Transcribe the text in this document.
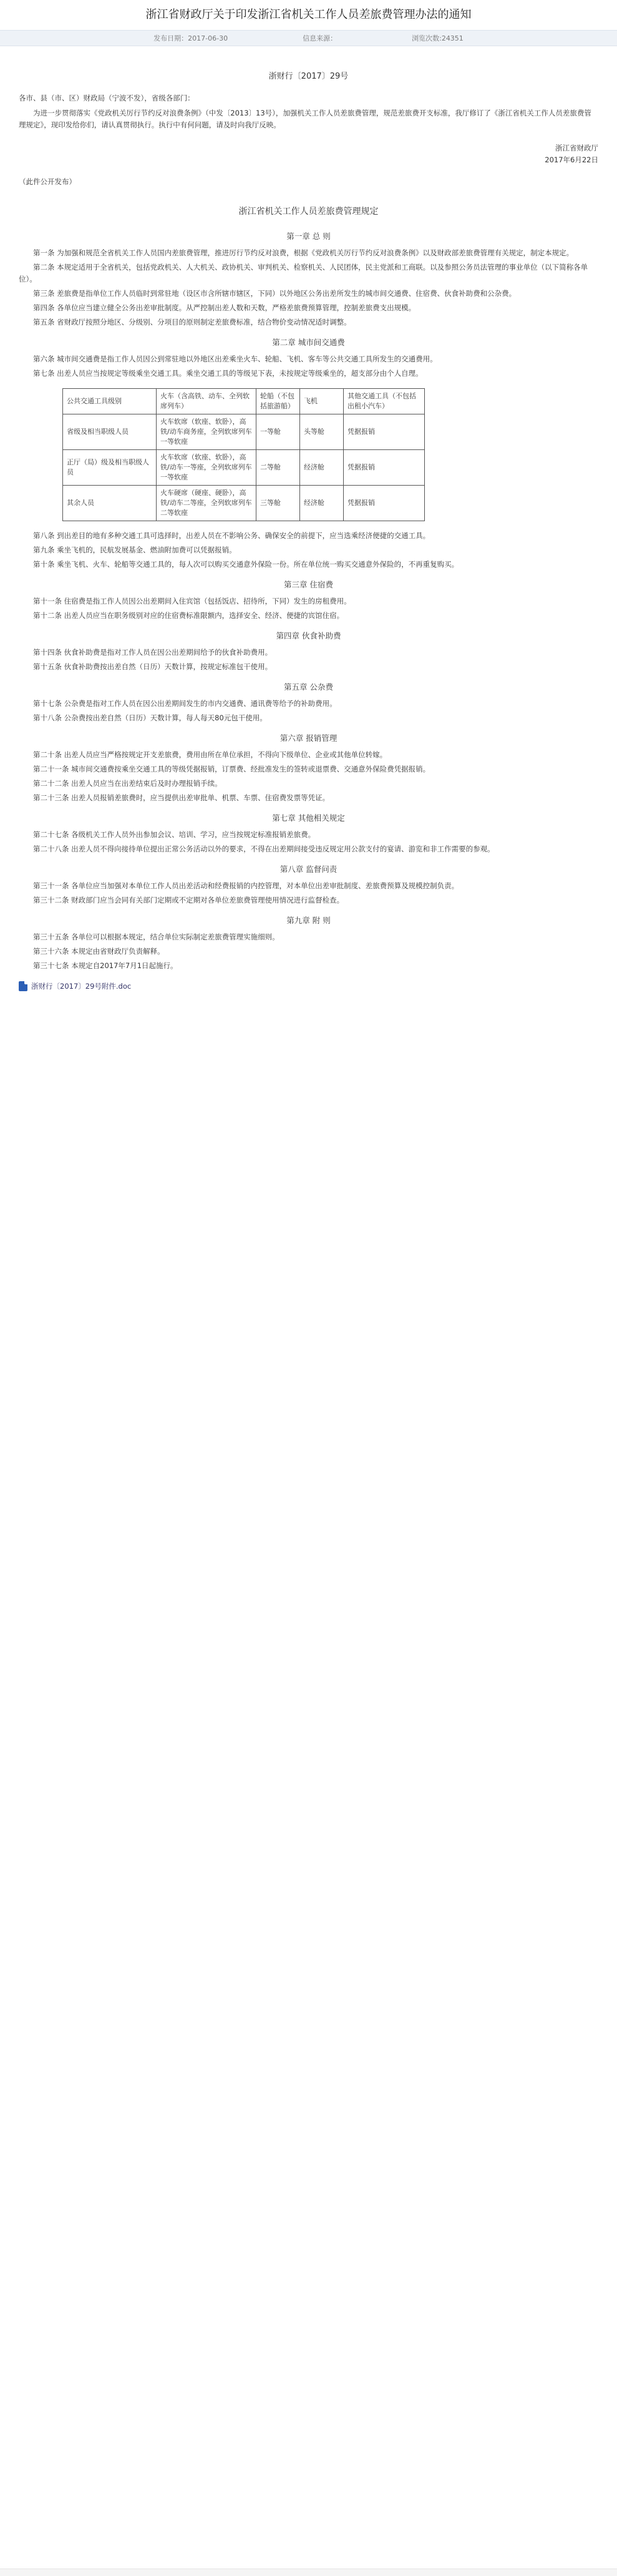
浙江省财政厅关于印发浙江省机关工作人员差旅费管理办法的通知
发布日期：2017-06-30	信息来源：	浏览次数:24351
浙财行〔2017〕29号
各市、县（市、区）财政局（宁波不发），省级各部门：

为进一步贯彻落实《党政机关厉行节约反对浪费条例》（中发〔2013〕13号），加强机关工作人员差旅费管理，规范差旅费开支标准，我厅修订了《浙江省机关工作人员差旅费管理规定》，现印发给你们，请认真贯彻执行。执行中有何问题，请及时向我厅反映。

浙江省财政厅
2017年6月22日
（此件公开发布）
浙江省机关工作人员差旅费管理规定
第一章 总 则

第一条 为加强和规范全省机关工作人员国内差旅费管理，推进厉行节约反对浪费，根据《党政机关厉行节约反对浪费条例》以及财政部差旅费管理有关规定，制定本规定。

第二条 本规定适用于全省机关，包括党政机关、人大机关、政协机关、审判机关、检察机关、人民团体，民主党派和工商联。以及参照公务员法管理的事业单位（以下简称各单位）。

第三条 差旅费是指单位工作人员临时到常驻地（设区市含所辖市辖区，下同）以外地区公务出差所发生的城市间交通费、住宿费、伙食补助费和公杂费。

第四条 各单位应当建立健全公务出差审批制度。从严控制出差人数和天数，严格差旅费预算管理，控制差旅费支出规模。

第五条 省财政厅按照分地区、分级别、分项目的原则制定差旅费标准，结合物价变动情况适时调整。

第二章 城市间交通费

第六条 城市间交通费是指工作人员因公到常驻地以外地区出差乘坐火车、轮船、飞机、客车等公共交通工具所发生的交通费用。

第七条 出差人员应当按规定等级乘坐交通工具。乘坐交通工具的等级见下表，未按规定等级乘坐的，超支部分由个人自理。

公共交通工具级别	火车（含高铁、动车、全列软席列车）	轮船（不包括旅游船）	飞机	其他交通工具（不包括出租小汽车）
省级及相当职级人员	火车软席（软座、软卧），高铁/动车商务座，全列软席列车一等软座	一等舱	头等舱	凭据报销
正厅（局）级及相当职级人员	火车软席（软座、软卧），高铁/动车一等座，全列软席列车一等软座	二等舱	经济舱	凭据报销
其余人员	火车硬席（硬座、硬卧），高铁/动车二等座，全列软席列车二等软座	三等舱	经济舱	凭据报销

第八条 到出差目的地有多种交通工具可选择时，出差人员在不影响公务、确保安全的前提下，应当选乘经济便捷的交通工具。

第九条 乘坐飞机的，民航发展基金、燃油附加费可以凭据报销。

第十条 乘坐飞机、火车、轮船等交通工具的，每人次可以购买交通意外保险一份。所在单位统一购买交通意外保险的，不再重复购买。

第三章 住宿费

第十一条 住宿费是指工作人员因公出差期间入住宾馆（包括饭店、招待所，下同）发生的房租费用。

第十二条 出差人员应当在职务级别对应的住宿费标准限额内，选择安全、经济、便捷的宾馆住宿。

第四章 伙食补助费

第十四条 伙食补助费是指对工作人员在因公出差期间给予的伙食补助费用。

第十五条 伙食补助费按出差自然（日历）天数计算，按规定标准包干使用。

第五章 公杂费

第十七条 公杂费是指对工作人员在因公出差期间发生的市内交通费、通讯费等给予的补助费用。

第十八条 公杂费按出差自然（日历）天数计算，每人每天80元包干使用。

第六章 报销管理

第二十条 出差人员应当严格按规定开支差旅费，费用由所在单位承担，不得向下级单位、企业或其他单位转嫁。

第二十一条 城市间交通费按乘坐交通工具的等级凭据报销，订票费、经批准发生的签转或退票费、交通意外保险费凭据报销。

第二十二条 出差人员应当在出差结束后及时办理报销手续。

第二十三条 出差人员报销差旅费时，应当提供出差审批单、机票、车票、住宿费发票等凭证。

第七章 其他相关规定

第二十七条 各级机关工作人员外出参加会议、培训、学习，应当按规定标准报销差旅费。

第二十八条 出差人员不得向接待单位提出正常公务活动以外的要求，不得在出差期间接受违反规定用公款支付的宴请、游览和非工作需要的参观。

第八章 监督问责

第三十一条 各单位应当加强对本单位工作人员出差活动和经费报销的内控管理，对本单位出差审批制度、差旅费预算及规模控制负责。

第三十二条 财政部门应当会同有关部门定期或不定期对各单位差旅费管理使用情况进行监督检查。

第九章 附 则

第三十五条 各单位可以根据本规定，结合单位实际制定差旅费管理实施细则。

第三十六条 本规定由省财政厅负责解释。

第三十七条 本规定自2017年7月1日起施行。

浙财行〔2017〕29号附件.doc
